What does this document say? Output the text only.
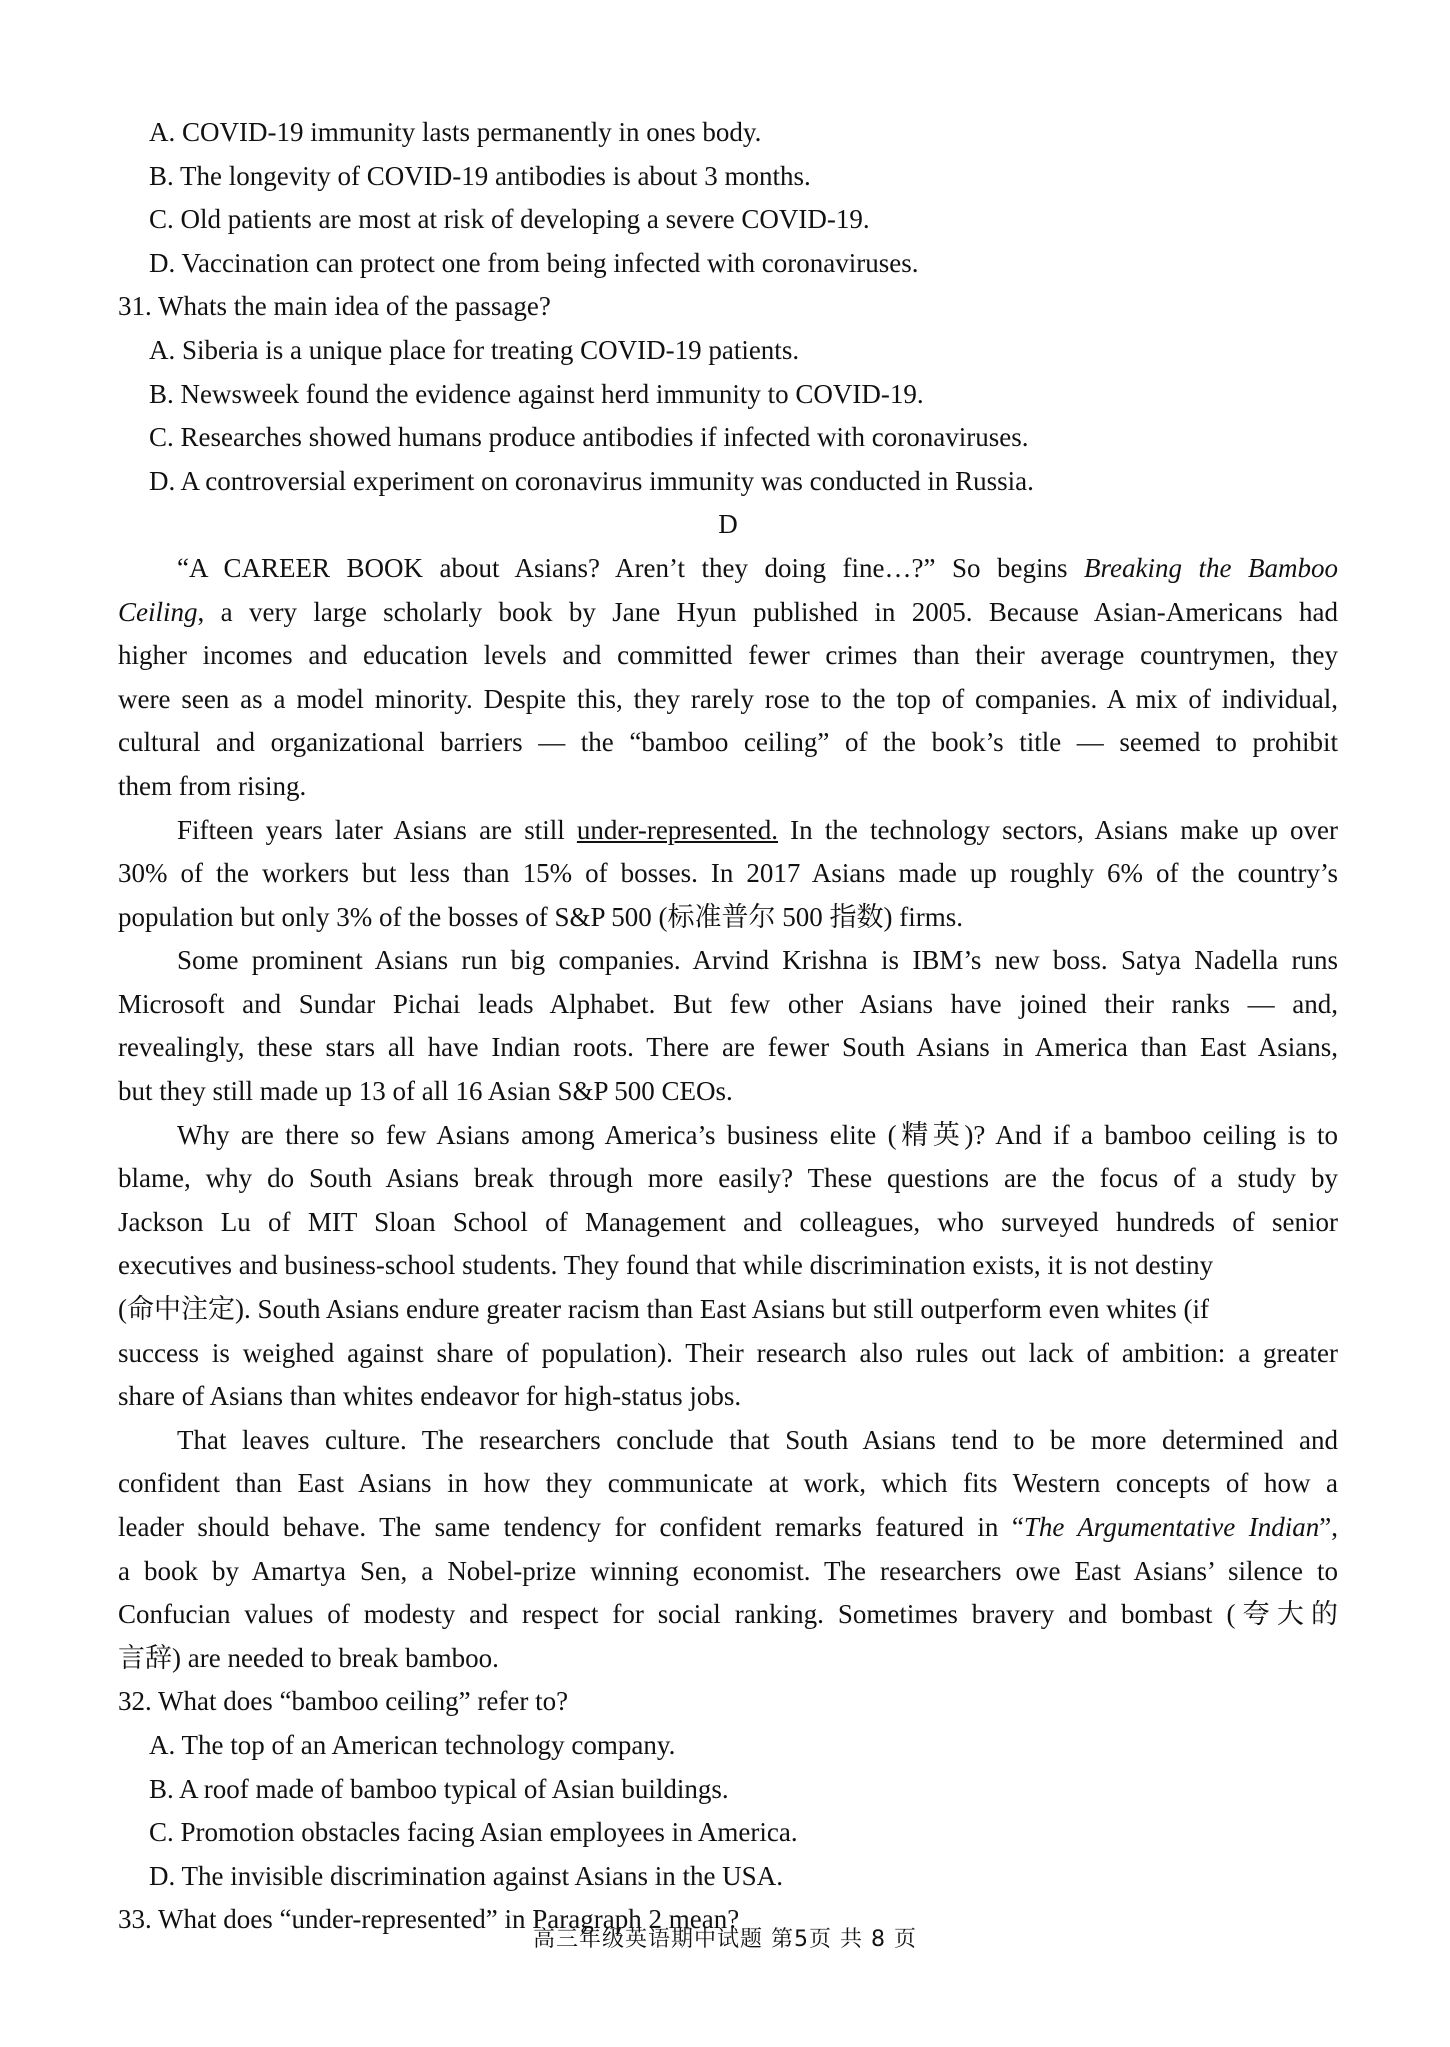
A. COVID-19 immunity lasts permanently in ones body.
B. The longevity of COVID-19 antibodies is about 3 months.
C. Old patients are most at risk of developing a severe COVID-19.
D. Vaccination can protect one from being infected with coronaviruses.
31. Whats the main idea of the passage?
A. Siberia is a unique place for treating COVID-19 patients.
B. Newsweek found the evidence against herd immunity to COVID-19.
C. Researches showed humans produce antibodies if infected with coronaviruses.
D. A controversial experiment on coronavirus immunity was conducted in Russia.
D
“A CAREER BOOK about Asians? Aren’t they doing fine…?” So begins Breaking the Bamboo
Ceiling, a very large scholarly book by Jane Hyun published in 2005. Because Asian-Americans had
higher incomes and education levels and committed fewer crimes than their average countrymen, they
were seen as a model minority. Despite this, they rarely rose to the top of companies. A mix of individual,
cultural and organizational barriers — the “bamboo ceiling” of the book’s title — seemed to prohibit
them from rising.
Fifteen years later Asians are still under-represented. In the technology sectors, Asians make up over
30% of the workers but less than 15% of bosses. In 2017 Asians made up roughly 6% of the country’s
population but only 3% of the bosses of S&P 500 (标准普尔 500 指数) firms.
Some prominent Asians run big companies. Arvind Krishna is IBM’s new boss. Satya Nadella runs
Microsoft and Sundar Pichai leads Alphabet. But few other Asians have joined their ranks — and,
revealingly, these stars all have Indian roots. There are fewer South Asians in America than East Asians,
but they still made up 13 of all 16 Asian S&P 500 CEOs.
Why are there so few Asians among America’s business elite (精英)? And if a bamboo ceiling is to
blame, why do South Asians break through more easily? These questions are the focus of a study by
Jackson Lu of MIT Sloan School of Management and colleagues, who surveyed hundreds of senior
executives and business-school students. They found that while discrimination exists, it is not destiny
(命中注定). South Asians endure greater racism than East Asians but still outperform even whites (if
success is weighed against share of population). Their research also rules out lack of ambition: a greater
share of Asians than whites endeavor for high-status jobs.
That leaves culture. The researchers conclude that South Asians tend to be more determined and
confident than East Asians in how they communicate at work, which fits Western concepts of how a
leader should behave. The same tendency for confident remarks featured in “The Argumentative Indian”,
a book by Amartya Sen, a Nobel-prize winning economist. The researchers owe East Asians’ silence to
Confucian values of modesty and respect for social ranking. Sometimes bravery and bombast (夸大的
言辞) are needed to break bamboo.
32. What does “bamboo ceiling” refer to?
A. The top of an American technology company.
B. A roof made of bamboo typical of Asian buildings.
C. Promotion obstacles facing Asian employees in America.
D. The invisible discrimination against Asians in the USA.
33. What does “under-represented” in Paragraph 2 mean?
高三年级英语期中试题 第5页 共 8 页
